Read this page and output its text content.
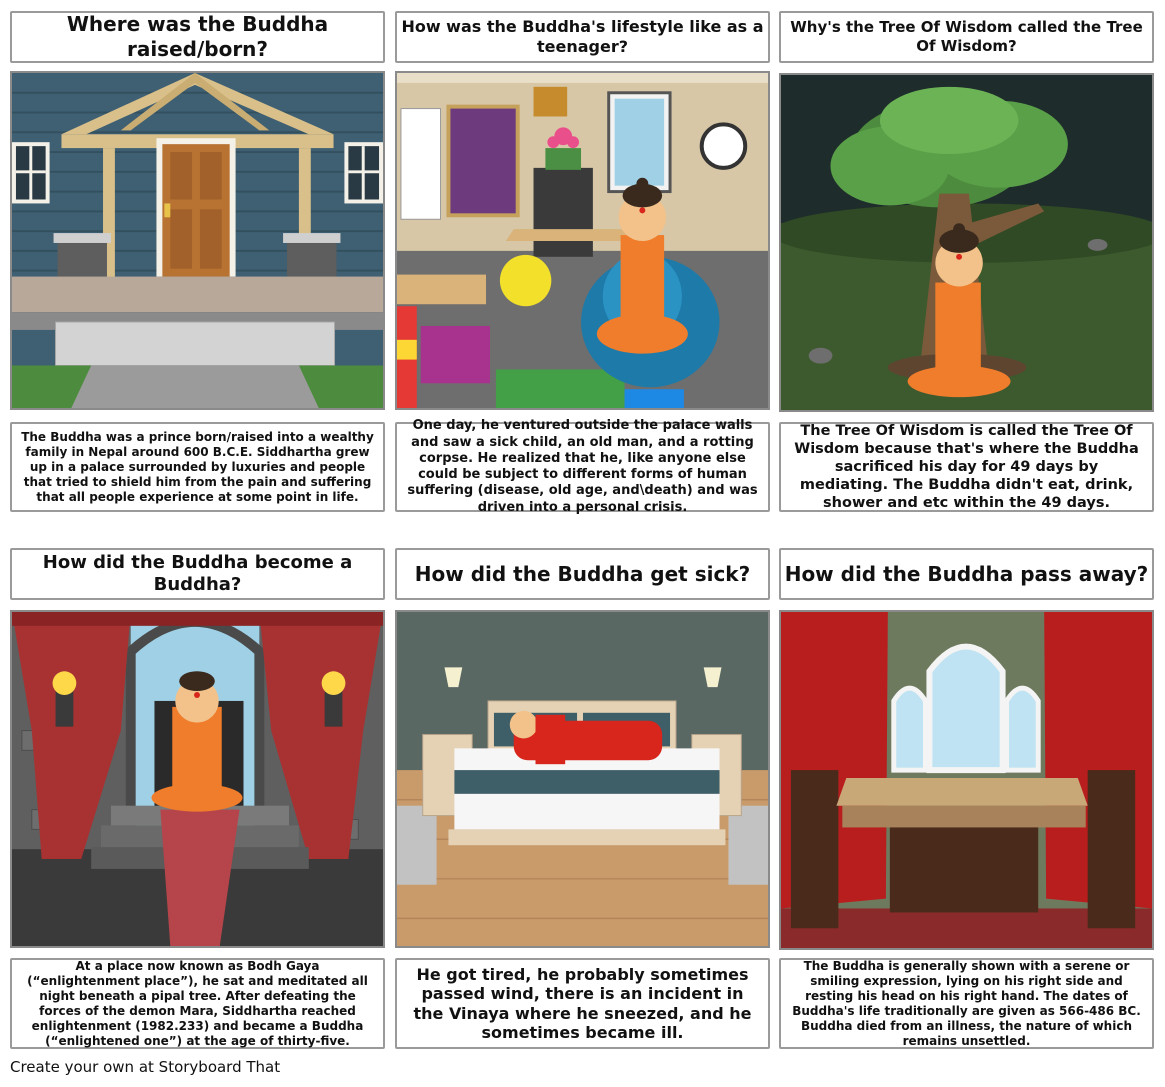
Where was the Buddha raised/born?
How was the Buddha's lifestyle like as a teenager?
Why's the Tree Of Wisdom called the Tree Of Wisdom?
The Buddha was a prince born/raised into a wealthy family in Nepal around 600 B.C.E. Siddhartha grew up in a palace surrounded by luxuries and people that tried to shield him from the pain and suffering that all people experience at some point in life.
One day, he ventured outside the palace walls and saw a sick child, an old man, and a rotting corpse. He realized that he, like anyone else could be subject to different forms of human suffering (disease, old age, and\death) and was driven into a personal crisis.
The Tree Of Wisdom is called the Tree Of Wisdom because that's where the Buddha sacrificed his day for 49 days by mediating. The Buddha didn't eat, drink, shower and etc within the 49 days.
How did the Buddha become a Buddha?	How did the Buddha get sick? How did the Buddha pass away?
At a place now known as Bodh Gaya (“enlightenment place”), he sat and meditated all night beneath a pipal tree. After defeating the forces of the demon Mara, Siddhartha reached enlightenment (1982.233) and became a Buddha (“enlightened one”) at the age of thirty-five.
He got tired, he probably sometimes passed wind, there is an incident in the Vinaya where he sneezed, and he sometimes became ill.
The Buddha is generally shown with a serene or smiling expression, lying on his right side and resting his head on his right hand. The dates of Buddha's life traditionally are given as 566-486 BC. Buddha died from an illness, the nature of which remains unsettled.
Create your own at Storyboard That
